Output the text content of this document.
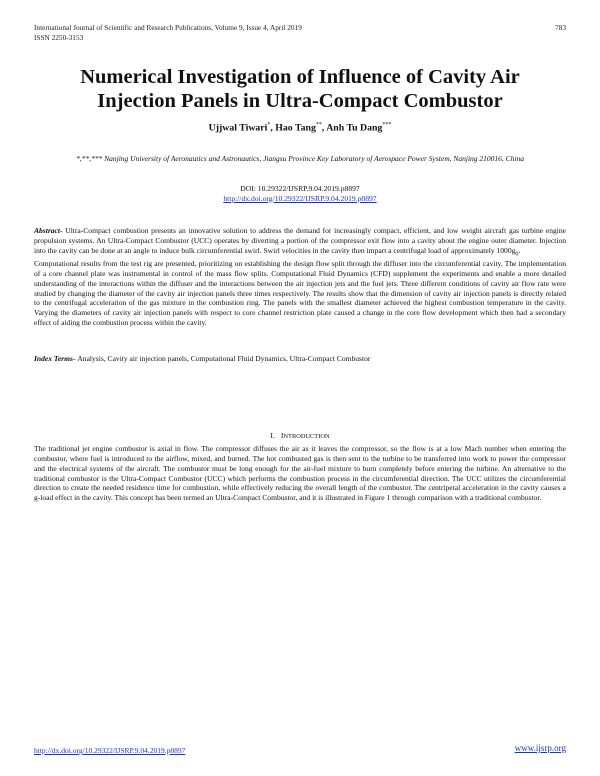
International Journal of Scientific and Research Publications, Volume 9, Issue 4, April 2019
ISSN 2250-3153
783
Numerical Investigation of Influence of Cavity Air Injection Panels in Ultra-Compact Combustor
Ujjwal Tiwari*, Hao Tang**, Anh Tu Dang***
*,**,*** Nanjing University of Aeronautics and Astronautics, Jiangsu Province Key Laboratory of Aerospace Power System, Nanjing 210016, China
DOI: 10.29322/IJSRP.9.04.2019.p8897
http://dx.doi.org/10.29322/IJSRP.9.04.2019.p8897

Abstract- Ultra-Compact combustion presents an innovative solution to address the demand for increasingly compact, efficient, and low weight aircraft gas turbine engine propulsion systems. An Ultra-Compact Combustor (UCC) operates by diverting a portion of the compressor exit flow into a cavity about the engine outer diameter. Injection into the cavity can be done at an angle to induce bulk circumferential swirl. Swirl velocities in the cavity then impart a centrifugal load of approximately $1000g_0$.

Computational results from the test rig are presented, prioritizing on establishing the design flow split through the diffuser into the circumferential cavity. The implementation of a core channel plate was instrumental in control of the mass flow splits. Computational Fluid Dynamics (CFD) supplement the experiments and enable a more detailed understanding of the interactions within the diffuser and the interactions between the air injection jets and the fuel jets. Three different conditions of cavity air flow rate were studied by changing the diameter of the cavity air injection panels three times respectively. The results show that the dimension of cavity air injection panels is directly related to the centrifugal acceleration of the gas mixture in the combustion ring. The panels with the smallest diameter achieved the highest combustion temperature in the cavity. Varying the diameters of cavity air injection panels with respect to core channel restriction plate caused a change in the core flow development which then had a secondary effect of aiding the combustion process within the cavity.

Index Terms- Analysis, Cavity air injection panels, Computational Fluid Dynamics, Ultra-Compact Combustor

I. INTRODUCTION

The traditional jet engine combustor is axial in flow. The compressor diffuses the air as it leaves the compressor, so the flow is at a low Mach number when entering the combustor, where fuel is introduced to the airflow, mixed, and burned. The hot combusted gas is then sent to the turbine to be transferred into work to power the compressor and the electrical systems of the aircraft. The combustor must be long enough for the air-fuel mixture to burn completely before entering the turbine. An alternative to the traditional combustor is the Ultra-Compact Combustor (UCC) which performs the combustion process in the circumferential direction. The UCC utilizes the circumferential direction to create the needed residence time for combustion, while effectively reducing the overall length of the combustor. The centripetal acceleration in the cavity causes a g-load effect in the cavity. This concept has been termed an Ultra-Compact Combustor, and it is illustrated in Figure 1 through comparison with a traditional combustor.

http://dx.doi.org/10.29322/IJSRP.9.04.2019.p8897	www.ijsrp.org
